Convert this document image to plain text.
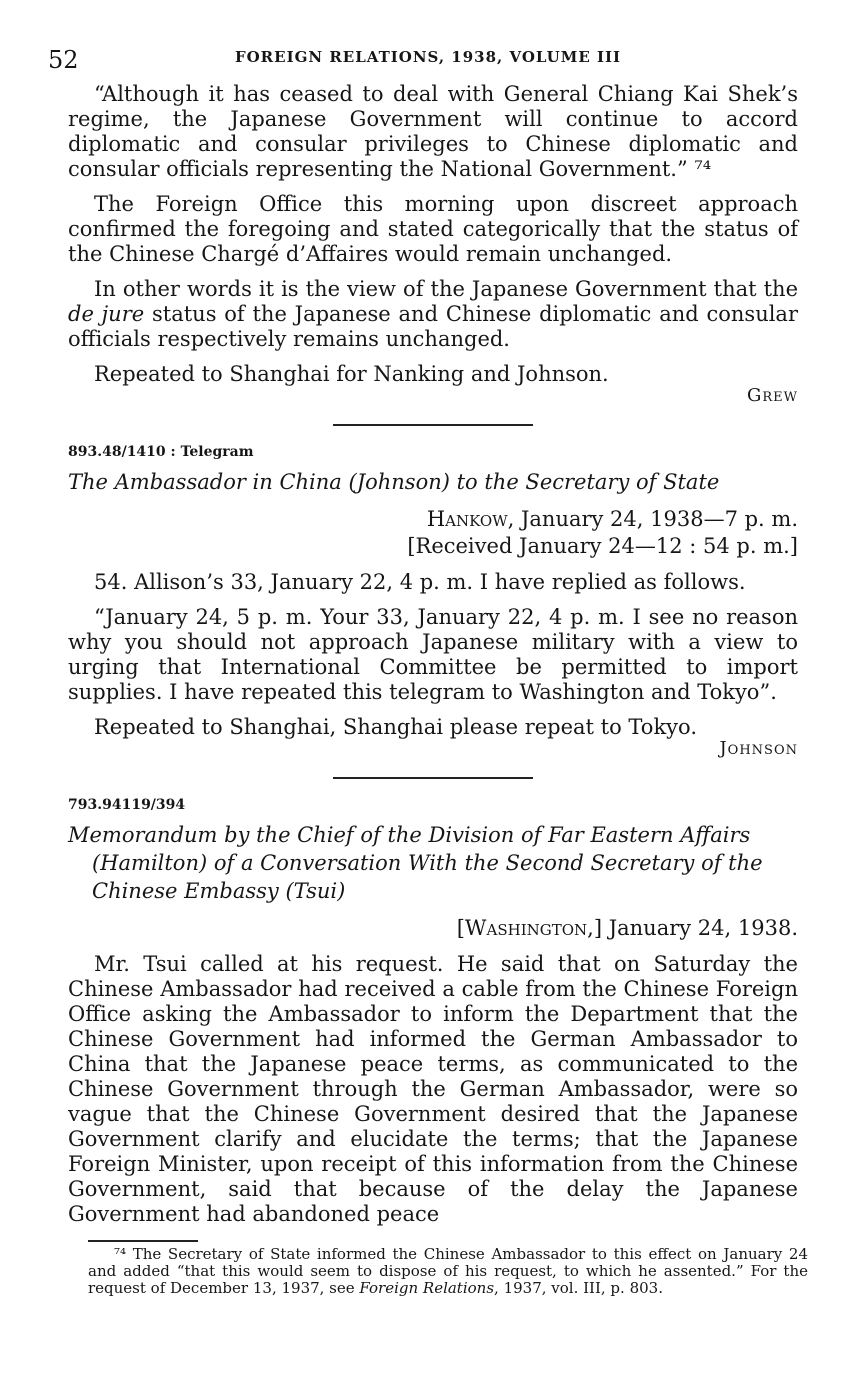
52	FOREIGN RELATIONS, 1938, VOLUME III

“Although it has ceased to deal with General Chiang Kai Shek’s regime, the Japanese Government will continue to accord diplomatic and consular privileges to Chinese diplomatic and consular officials representing the National Government.” ⁷⁴

The Foreign Office this morning upon discreet approach confirmed the foregoing and stated categorically that the status of the Chinese Chargé d’Affaires would remain unchanged.

In other words it is the view of the Japanese Government that the de jure status of the Japanese and Chinese diplomatic and consular officials respectively remains unchanged.

Repeated to Shanghai for Nanking and Johnson.

Grew
893.48/1410 : Telegram
The Ambassador in China (Johnson) to the Secretary of State
Hankow, January 24, 1938—7 p. m.
[Received January 24—12 : 54 p. m.]

54. Allison’s 33, January 22, 4 p. m. I have replied as follows.

“January 24, 5 p. m. Your 33, January 22, 4 p. m. I see no reason why you should not approach Japanese military with a view to urging that International Committee be permitted to import supplies. I have repeated this telegram to Washington and Tokyo”.

Repeated to Shanghai, Shanghai please repeat to Tokyo.

Johnson
793.94119/394
Memorandum by the Chief of the Division of Far Eastern Affairs (Hamilton) of a Conversation With the Second Secretary of the Chinese Embassy (Tsui)
[Washington,] January 24, 1938.

Mr. Tsui called at his request. He said that on Saturday the Chinese Ambassador had received a cable from the Chinese Foreign Office asking the Ambassador to inform the Department that the Chinese Government had informed the German Ambassador to China that the Japanese peace terms, as communicated to the Chinese Government through the German Ambassador, were so vague that the Chinese Government desired that the Japanese Government clarify and elucidate the terms; that the Japanese Foreign Minister, upon receipt of this information from the Chinese Government, said that because of the delay the Japanese Government had abandoned peace

⁷⁴ The Secretary of State informed the Chinese Ambassador to this effect on January 24 and added “that this would seem to dispose of his request, to which he assented.” For the request of December 13, 1937, see Foreign Relations, 1937, vol. III, p. 803.
